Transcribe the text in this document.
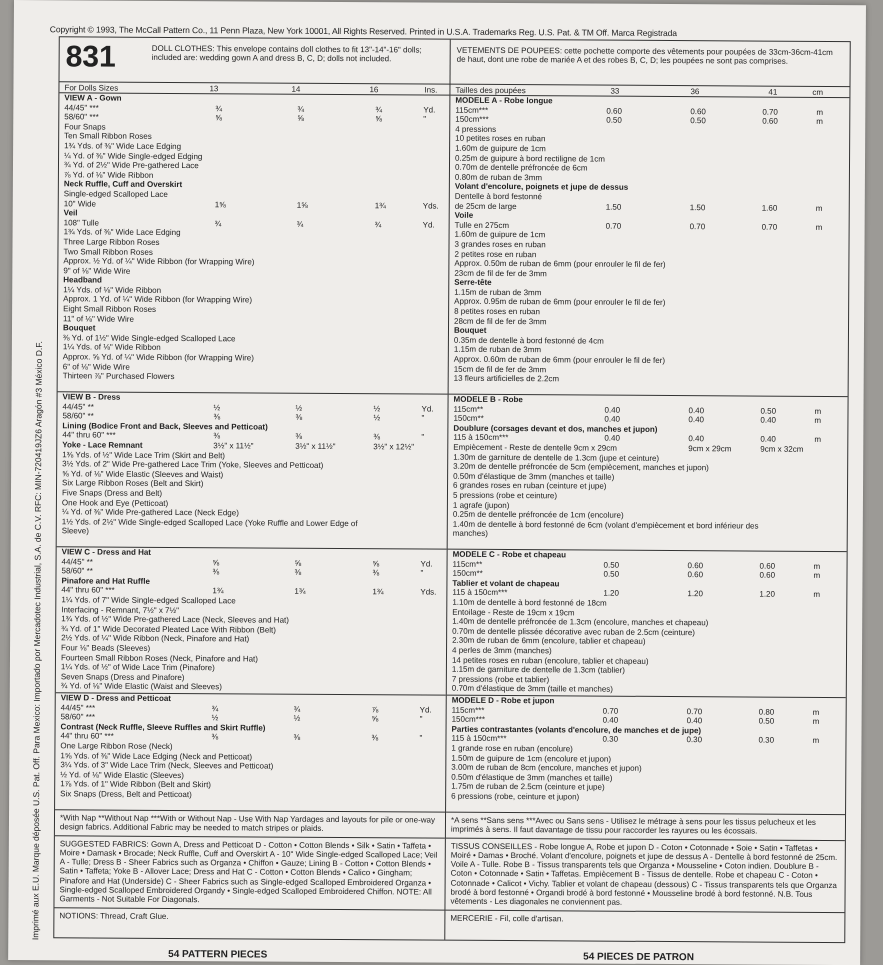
Copyright © 1993, The McCall Pattern Co., 11 Penn Plaza, New York 10001, All Rights Reserved. Printed in U.S.A. Trademarks Reg. U.S. Pat. & TM Off. Marca Registrada
Imprimé aux E.U. Marque déposée U.S. Pat. Off. Para Mexico: Importado por Mercadotec Industrial, S.A. de C.V. RFC: MIN-720419JZ6 Aragón #3 México D.F.
831	DOLL CLOTHES: This envelope contains doll clothes to fit 13"-14"-16" dolls; included are: wedding gown A and dress B, C, D; dolls not included.
For Dolls Sizes	13	14	16	Ins.
VIEW A - Gown
44/45" ***	¾	¾	¾	Yd.
58/60" ***	⅝	⅝	⅝	"
Four Snaps
Ten Small Ribbon Roses
1¾ Yds. of ⅜" Wide Lace Edging
¼ Yd. of ⅜" Wide Single-edged Edging
¾ Yd. of 2½" Wide Pre-gathered Lace
⅞ Yd. of ⅛" Wide Ribbon
Neck Ruffle, Cuff and Overskirt
Single-edged Scalloped Lace
10" Wide	1⅝	1⅝	1¾	Yds.
Veil
108" Tulle	¾	¾	¾	Yd.
1¾ Yds. of ⅜" Wide Lace Edging
Three Large Ribbon Roses
Two Small Ribbon Roses
Approx. ½ Yd. of ¼" Wide Ribbon (for Wrapping Wire)
9" of ⅛" Wide Wire
Headband
1¼ Yds. of ⅛" Wide Ribbon
Approx. 1 Yd. of ¼" Wide Ribbon (for Wrapping Wire)
Eight Small Ribbon Roses
11" of ⅛" Wide Wire
Bouquet
⅜ Yd. of 1½" Wide Single-edged Scalloped Lace
1¼ Yds. of ⅛" Wide Ribbon
Approx. ⅝ Yd. of ¼" Wide Ribbon (for Wrapping Wire)
6" of ⅛" Wide Wire
Thirteen ⅞" Purchased Flowers
VIEW B - Dress
44/45" **	½	½	½	Yd.
58/60" **	⅜	⅜	½	"
Lining (Bodice Front and Back, Sleeves and Petticoat)
44" thru 60" ***	⅜	⅜	⅜	"
Yoke - Lace Remnant	3½" x 11½"	3½" x 11½"	3½" x 12½"
1⅜ Yds. of ½" Wide Lace Trim (Skirt and Belt)
3½ Yds. of 2" Wide Pre-gathered Lace Trim (Yoke, Sleeves and Petticoat)
⅝ Yd. of ⅛" Wide Elastic (Sleeves and Waist)
Six Large Ribbon Roses (Belt and Skirt)
Five Snaps (Dress and Belt)
One Hook and Eye (Petticoat)
¼ Yd. of ⅜" Wide Pre-gathered Lace (Neck Edge)
1½ Yds. of 2½" Wide Single-edged Scalloped Lace (Yoke Ruffle and Lower Edge of
Sleeve)
VIEW C - Dress and Hat
44/45" **	⅝	⅝	⅝	Yd.
58/60" **	⅜	⅜	⅜	"
Pinafore and Hat Ruffle
44" thru 60" ***	1¾	1¾	1¾	Yds.
1¼ Yds. of 7" Wide Single-edged Scalloped Lace
Interfacing - Remnant, 7½" x 7½"
1¾ Yds. of ½" Wide Pre-gathered Lace (Neck, Sleeves and Hat)
¾ Yd. of 1" Wide Decorated Pleated Lace With Ribbon (Belt)
2½ Yds. of ¼" Wide Ribbon (Neck, Pinafore and Hat)
Four ⅛" Beads (Sleeves)
Fourteen Small Ribbon Roses (Neck, Pinafore and Hat)
1¼ Yds. of ½" of Wide Lace Trim (Pinafore)
Seven Snaps (Dress and Pinafore)
¾ Yd. of ⅛" Wide Elastic (Waist and Sleeves)
VIEW D - Dress and Petticoat
44/45" ***	¾	¾	⅞	Yd.
58/60" ***	½	½	⅝	"
Contrast (Neck Ruffle, Sleeve Ruffles and Skirt Ruffle)
44" thru 60" ***	⅜	⅜	⅜	"
One Large Ribbon Rose (Neck)
1⅝ Yds. of ⅜" Wide Lace Edging (Neck and Petticoat)
3¼ Yds. of 3" Wide Lace Trim (Neck, Sleeves and Petticoat)
½ Yd. of ⅛" Wide Elastic (Sleeves)
1⅞ Yds. of 1" Wide Ribbon (Belt and Skirt)
Six Snaps (Dress, Belt and Petticoat)
*With Nap **Without Nap ***With or Without Nap - Use With Nap Yardages and layouts for pile or one-way design fabrics. Additional Fabric may be needed to match stripes or plaids.
SUGGESTED FABRICS: Gown A, Dress and Petticoat D - Cotton • Cotton Blends • Silk • Satin • Taffeta • Moire • Damask • Brocade; Neck Ruffle, Cuff and Overskirt A - 10" Wide Single-edged Scalloped Lace; Veil A - Tulle; Dress B - Sheer Fabrics such as Organza • Chiffon • Gauze; Lining B - Cotton • Cotton Blends • Satin • Taffeta; Yoke B - Allover Lace; Dress and Hat C - Cotton • Cotton Blends • Calico • Gingham; Pinafore and Hat (Underside) C - Sheer Fabrics such as Single-edged Scalloped Embroidered Organza • Single-edged Scalloped Embroidered Organdy • Single-edged Scalloped Embroidered Chiffon. NOTE: All Garments - Not Suitable For Diagonals.
NOTIONS: Thread, Craft Glue.
VETEMENTS DE POUPEES: cette pochette comporte des vêtements pour poupées de 33cm-36cm-41cm de haut, dont une robe de mariée A et des robes B, C, D; les poupées ne sont pas comprises.
Tailles des poupées	33	36	41	cm
MODELE A - Robe longue
115cm***	0.60	0.60	0.70	m
150cm***	0.50	0.50	0.60	m
4 pressions
10 petites roses en ruban
1.60m de guipure de 1cm
0.25m de guipure à bord rectiligne de 1cm
0.70m de dentelle préfroncée de 6cm
0.80m de ruban de 3mm
Volant d'encolure, poignets et jupe de dessus
Dentelle à bord festonné
de 25cm de large	1.50	1.50	1.60	m
Voile
Tulle en 275cm	0.70	0.70	0.70	m
1.60m de guipure de 1cm
3 grandes roses en ruban
2 petites rose en ruban
Approx. 0.50m de ruban de 6mm (pour enrouler le fil de fer)
23cm de fil de fer de 3mm
Serre-tête
1.15m de ruban de 3mm
Approx. 0.95m de ruban de 6mm (pour enrouler le fil de fer)
8 petites roses en ruban
28cm de fil de fer de 3mm
Bouquet
0.35m de dentelle à bord festonné de 4cm
1.15m de ruban de 3mm
Approx. 0.60m de ruban de 6mm (pour enrouler le fil de fer)
15cm de fil de fer de 3mm
13 fleurs artificielles de 2.2cm
MODELE B - Robe
115cm**	0.40	0.40	0.50	m
150cm**	0.40	0.40	0.40	m
Doublure (corsages devant et dos, manches et jupon)
115 à 150cm***	0.40	0.40	0.40	m
Empiècement - Reste de dentelle 9cm x 29cm	9cm x 29cm	9cm x 32cm
1.30m de garniture de dentelle de 1.3cm (jupe et ceinture)
3.20m de dentelle préfroncée de 5cm (empiècement, manches et jupon)
0.50m d'élastique de 3mm (manches et taille)
6 grandes roses en ruban (ceinture et jupe)
5 pressions (robe et ceinture)
1 agrafe (jupon)
0.25m de dentelle préfroncée de 1cm (encolure)
1.40m de dentelle à bord festonné de 6cm (volant d'empiècement et bord inférieur des
manches)
MODELE C - Robe et chapeau
115cm**	0.50	0.60	0.60	m
150cm**	0.50	0.60	0.60	m
Tablier et volant de chapeau
115 à 150cm***	1.20	1.20	1.20	m
1.10m de dentelle à bord festonné de 18cm
Entoilage - Reste de 19cm x 19cm
1.40m de dentelle préfroncée de 1.3cm (encolure, manches et chapeau)
0.70m de dentelle plissée décorative avec ruban de 2.5cm (ceinture)
2.30m de ruban de 6mm (encolure, tablier et chapeau)
4 perles de 3mm (manches)
14 petites roses en ruban (encolure, tablier et chapeau)
1.15m de garniture de dentelle de 1.3cm (tablier)
7 pressions (robe et tablier)
0.70m d'élastique de 3mm (taille et manches)
MODELE D - Robe et jupon
115cm***	0.70	0.70	0.80	m
150cm***	0.40	0.40	0.50	m
Parties contrastantes (volants d'encolure, de manches et de jupe)
115 à 150cm***	0.30	0.30	0.30	m
1 grande rose en ruban (encolure)
1.50m de guipure de 1cm (encolure et jupon)
3.00m de ruban de 8cm (encolure, manches et jupon)
0.50m d'élastique de 3mm (manches et taille)
1.75m de ruban de 2.5cm (ceinture et jupe)
6 pressions (robe, ceinture et jupon)
*A sens **Sans sens ***Avec ou Sans sens - Utilisez le métrage à sens pour les tissus pelucheux et les imprimés à sens. Il faut davantage de tissu pour raccorder les rayures ou les écossais.
TISSUS CONSEILLES - Robe longue A, Robe et jupon D - Coton • Cotonnade • Soie • Satin • Taffetas • Moiré • Damas • Broché. Volant d'encolure, poignets et jupe de dessus A - Dentelle à bord festonné de 25cm. Voile A - Tulle. Robe B - Tissus transparents tels que Organza • Mousseline • Coton indien. Doublure B - Coton • Cotonnade • Satin • Taffetas. Empiècement B - Tissus de dentelle. Robe et chapeau C - Coton • Cotonnade • Calicot • Vichy. Tablier et volant de chapeau (dessous) C - Tissus transparents tels que Organza brodé à bord festonné • Organdi brodé à bord festonné • Mousseline brodé à bord festonné. N.B. Tous vêtements - Les diagonales ne conviennent pas.
MERCERIE - Fil, colle d'artisan.
54 PATTERN PIECES	54 PIECES DE PATRON
